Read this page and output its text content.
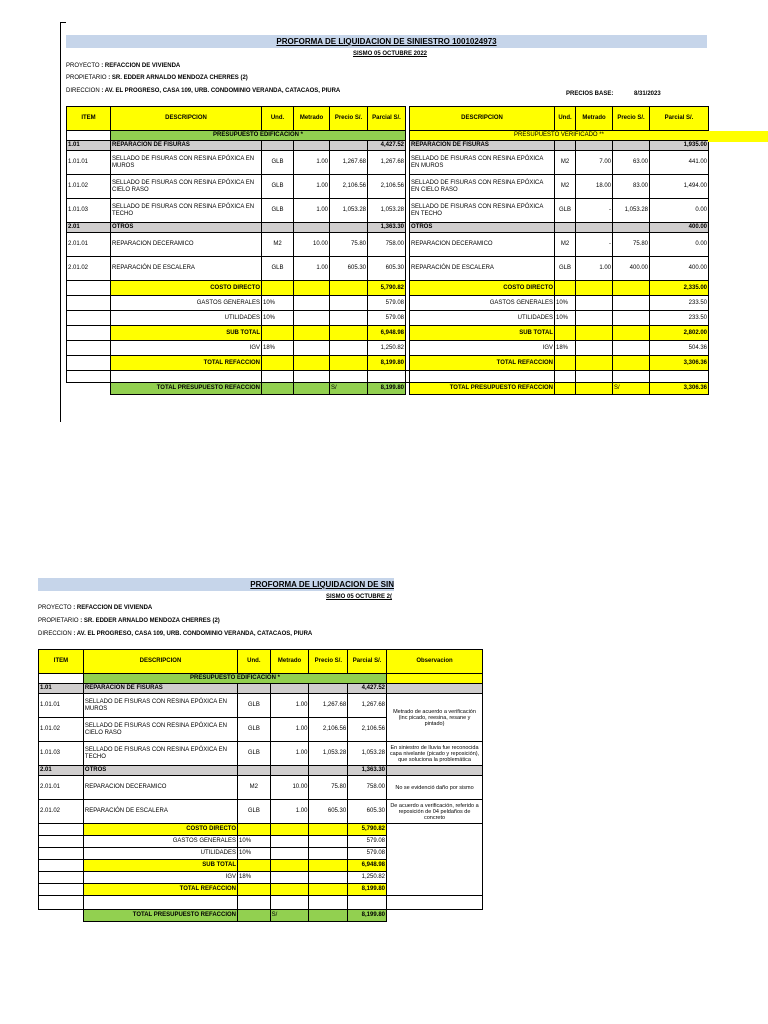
PROFORMA DE LIQUIDACION DE SINIESTRO 1001024973
SISMO 05 OCTUBRE 2022
PROYECTO : REFACCION DE VIVIENDA
PROPIETARIO : SR. EDDER ARNALDO MENDOZA CHERRES (2)
DIRECCION : AV. EL PROGRESO, CASA 109, URB. CONDOMINIO VERANDA, CATACAOS, PIURA	PRECIOS BASE:	8/31/2023
ITEM	DESCRIPCION	Und.	Metrado	Precio S/.	Parcial S/.		DESCRIPCION	Und.	Metrado	Precio S/.	Parcial S/.
	PRESUPUESTO EDIFICACION *						PRESUPUESTO VERIFICADO **				
1.01	REPARACIÓN DE FISURAS				4,427.52		REPARACIÓN DE FISURAS				1,935.00
1.01.01	SELLADO DE FISURAS CON RESINA EPÓXICA EN MUROS	GLB	1.00	1,267.68	1,267.68		SELLADO DE FISURAS CON RESINA EPÓXICA EN MUROS	M2	7.00	63.00	441.00
1.01.02	SELLADO DE FISURAS CON RESINA EPÓXICA EN CIELO RASO	GLB	1.00	2,106.56	2,106.56		SELLADO DE FISURAS CON RESINA EPÓXICA EN CIELO RASO	M2	18.00	83.00	1,494.00
1.01.03	SELLADO DE FISURAS CON RESINA EPÓXICA EN TECHO	GLB	1.00	1,053.28	1,053.28		SELLADO DE FISURAS CON RESINA EPÓXICA EN TECHO	GLB	-	1,053.28	0.00
2.01	OTROS				1,363.30		OTROS				400.00
2.01.01	REPARACION DECERAMICO	M2	10.00	75.80	758.00		REPARACION DECERAMICO	M2	-	75.80	0.00
2.01.02	REPARACIÓN DE ESCALERA	GLB	1.00	605.30	605.30		REPARACIÓN DE ESCALERA	GLB	1.00	400.00	400.00
	COSTO DIRECTO				5,790.82		COSTO DIRECTO				2,335.00
	GASTOS GENERALES	10%			579.08		GASTOS GENERALES	10%			233.50
	UTILIDADES	10%			579.08		UTILIDADES	10%			233.50
	SUB TOTAL				6,948.98		SUB TOTAL				2,802.00
	IGV	18%			1,250.82		IGV	18%			504.36
	TOTAL REFACCION				8,199.80		TOTAL REFACCION				3,306.36

	TOTAL PRESUPUESTO REFACCION			S/	8,199.80		TOTAL PRESUPUESTO REFACCION			S/	3,306.36
PROFORMA DE LIQUIDACION DE SIN
SISMO 05 OCTUBRE 2(
PROYECTO : REFACCION DE VIVIENDA
PROPIETARIO : SR. EDDER ARNALDO MENDOZA CHERRES (2)
DIRECCION : AV. EL PROGRESO, CASA 109, URB. CONDOMINIO VERANDA, CATACAOS, PIURA
ITEM	DESCRIPCION	Und.	Metrado	Precio S/.	Parcial S/.	Observacion
	PRESUPUESTO EDIFICACION *					
1.01	REPARACIÓN DE FISURAS				4,427.52	
1.01.01	SELLADO DE FISURAS CON RESINA EPÓXICA EN MUROS	GLB	1.00	1,267.68	1,267.68	Metrado de acuerdo a verificación (inc picado, reesina, resane y pintado)
1.01.02	SELLADO DE FISURAS CON RESINA EPÓXICA EN CIELO RASO	GLB	1.00	2,106.56	2,106.56	
1.01.03	SELLADO DE FISURAS CON RESINA EPÓXICA EN TECHO	GLB	1.00	1,053.28	1,053.28	En siniestro de lluvia fue reconocida capa nivelante (picado y reposición), que soluciona la problemática
2.01	OTROS				1,363.30	
2.01.01	REPARACION DECERAMICO	M2	10.00	75.80	758.00	No se evidenció daño por sismo
2.01.02	REPARACIÓN DE ESCALERA	GLB	1.00	605.30	605.30	De acuerdo a verificación, referido a reposición de 04 peldaños de concreto
	COSTO DIRECTO				5,790.82	
	GASTOS GENERALES	10%			579.08	
	UTILIDADES	10%			579.08	
	SUB TOTAL				6,948.98	
	IGV	18%			1,250.82	
	TOTAL REFACCION				8,199.80	

	TOTAL PRESUPUESTO REFACCION		S/		8,199.80	
